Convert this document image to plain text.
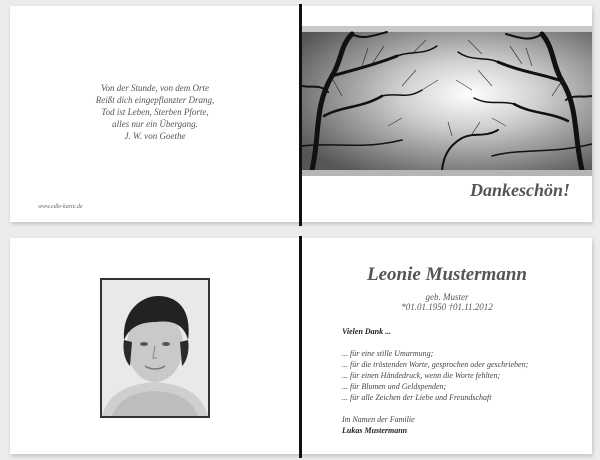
Von der Stunde, von dem Orte
Reißt dich eingepflanzter Drang,
Tod ist Leben, Sterben Pforte,
alles nur ein Übergang.
J. W. von Goethe
www.edle-karte.de
Dankeschön!
Leonie Mustermann
geb. Muster
*01.01.1950 †01.11.2012
Vielen Dank ...
... für eine stille Umarmung;
... für die tröstenden Worte, gesprochen oder geschrieben;
... für einen Händedruck, wenn die Worte fehlten;
... für Blumen und Geldspenden;
... für alle Zeichen der Liebe und Freundschaft
Im Namen der Familie
Lukas Mustermann
